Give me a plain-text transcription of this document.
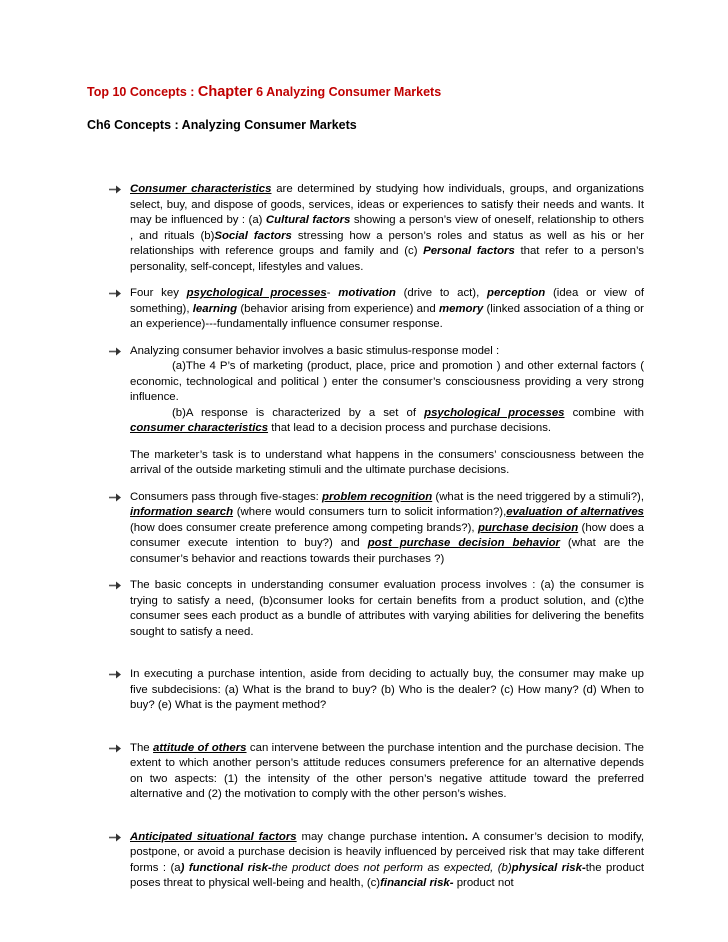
Top 10 Concepts : Chapter 6 Analyzing Consumer Markets
Ch6 Concepts : Analyzing Consumer Markets

Consumer characteristics are determined by studying how individuals, groups, and organizations select, buy, and dispose of goods, services, ideas or experiences to satisfy their needs and wants. It may be influenced by : (a) Cultural factors showing a person’s view of oneself, relationship to others , and rituals (b)Social factors stressing how a person’s roles and status as well as his or her relationships with reference groups and family and (c) Personal factors that refer to a person’s personality, self-concept, lifestyles and values.

Four key psychological processes- motivation (drive to act), perception (idea or view of something), learning (behavior arising from experience) and memory (linked association of a thing or an experience)---fundamentally influence consumer response.

Analyzing consumer behavior involves a basic stimulus-response model :

(a)The 4 P’s of marketing (product, place, price and promotion ) and other external factors ( economic, technological and political ) enter the consumer’s consciousness providing a very strong influence.

(b)A response is characterized by a set of psychological processes combine with consumer characteristics that lead to a decision process and purchase decisions.

The marketer’s task is to understand what happens in the consumers’ consciousness between the arrival of the outside marketing stimuli and the ultimate purchase decisions.

Consumers pass through five-stages: problem recognition (what is the need triggered by a stimuli?), information search (where would consumers turn to solicit information?),evaluation of alternatives (how does consumer create preference among competing brands?), purchase decision (how does a consumer execute intention to buy?) and post purchase decision behavior (what are the consumer’s behavior and reactions towards their purchases ?)

The basic concepts in understanding consumer evaluation process involves : (a) the consumer is trying to satisfy a need, (b)consumer looks for certain benefits from a product solution, and (c)the consumer sees each product as a bundle of attributes with varying abilities for delivering the benefits sought to satisfy a need.

In executing a purchase intention, aside from deciding to actually buy, the consumer may make up five subdecisions: (a) What is the brand to buy? (b) Who is the dealer? (c) How many? (d) When to buy? (e) What is the payment method?

The attitude of others can intervene between the purchase intention and the purchase decision. The extent to which another person’s attitude reduces consumers preference for an alternative depends on two aspects: (1) the intensity of the other person’s negative attitude toward the preferred alternative and (2) the motivation to comply with the other person’s wishes.

Anticipated situational factors may change purchase intention. A consumer’s decision to modify, postpone, or avoid a purchase decision is heavily influenced by perceived risk that may take different forms : (a) functional risk-the product does not perform as expected, (b)physical risk-the product poses threat to physical well-being and health, (c)financial risk- product not
